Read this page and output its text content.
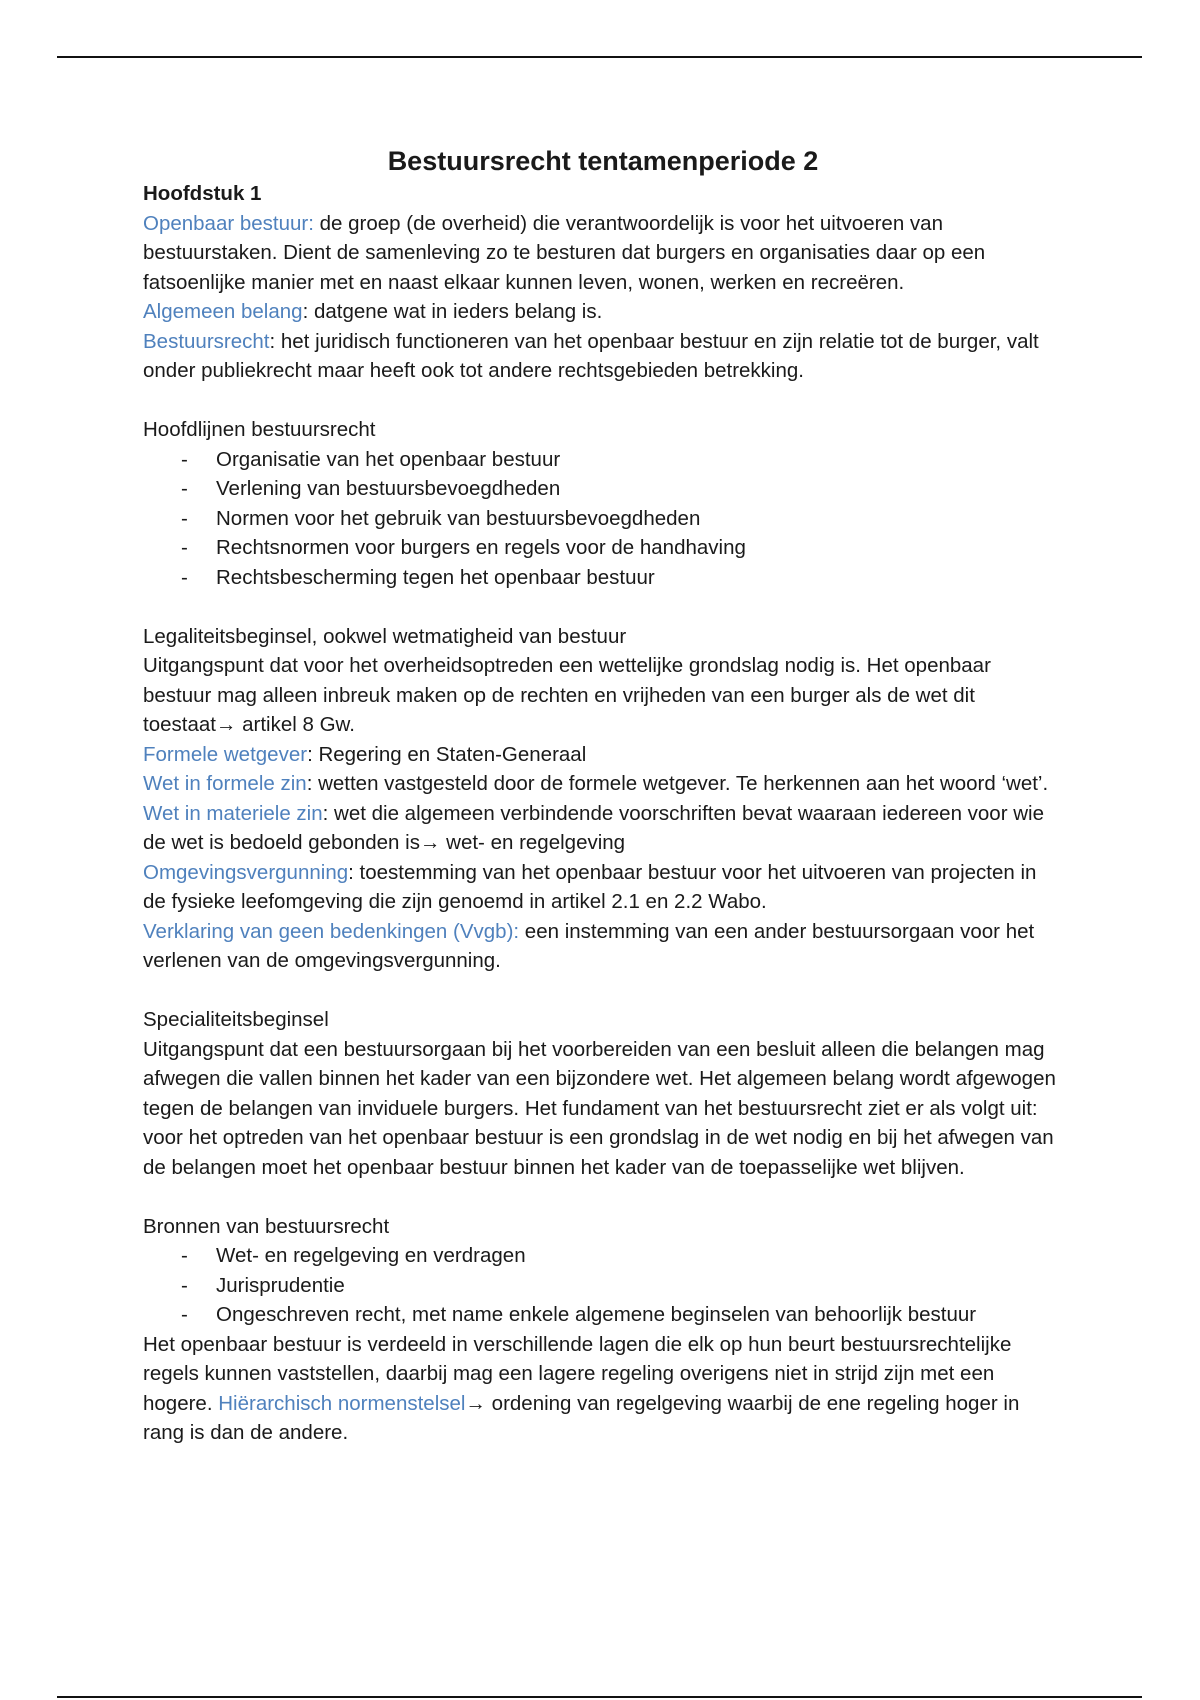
Bestuursrecht tentamenperiode 2

Hoofdstuk 1

Openbaar bestuur: de groep (de overheid) die verantwoordelijk is voor het uitvoeren van bestuurstaken. Dient de samenleving zo te besturen dat burgers en organisaties daar op een fatsoenlijke manier met en naast elkaar kunnen leven, wonen, werken en recreëren.

Algemeen belang: datgene wat in ieders belang is.

Bestuursrecht: het juridisch functioneren van het openbaar bestuur en zijn relatie tot de burger, valt onder publiekrecht maar heeft ook tot andere rechtsgebieden betrekking.

Hoofdlijnen bestuursrecht

- Organisatie van het openbaar bestuur
- Verlening van bestuursbevoegdheden
- Normen voor het gebruik van bestuursbevoegdheden
- Rechtsnormen voor burgers en regels voor de handhaving
- Rechtsbescherming tegen het openbaar bestuur

Legaliteitsbeginsel, ookwel wetmatigheid van bestuur

Uitgangspunt dat voor het overheidsoptreden een wettelijke grondslag nodig is. Het openbaar bestuur mag alleen inbreuk maken op de rechten en vrijheden van een burger als de wet dit toestaat→ artikel 8 Gw.

Formele wetgever: Regering en Staten-Generaal

Wet in formele zin: wetten vastgesteld door de formele wetgever. Te herkennen aan het woord ‘wet’.

Wet in materiele zin: wet die algemeen verbindende voorschriften bevat waaraan iedereen voor wie de wet is bedoeld gebonden is→ wet- en regelgeving

Omgevingsvergunning: toestemming van het openbaar bestuur voor het uitvoeren van projecten in de fysieke leefomgeving die zijn genoemd in artikel 2.1 en 2.2 Wabo.

Verklaring van geen bedenkingen (Vvgb): een instemming van een ander bestuursorgaan voor het verlenen van de omgevingsvergunning.

Specialiteitsbeginsel

Uitgangspunt dat een bestuursorgaan bij het voorbereiden van een besluit alleen die belangen mag afwegen die vallen binnen het kader van een bijzondere wet. Het algemeen belang wordt afgewogen tegen de belangen van inviduele burgers. Het fundament van het bestuursrecht ziet er als volgt uit: voor het optreden van het openbaar bestuur is een grondslag in de wet nodig en bij het afwegen van de belangen moet het openbaar bestuur binnen het kader van de toepasselijke wet blijven.

Bronnen van bestuursrecht

- Wet- en regelgeving en verdragen
- Jurisprudentie
- Ongeschreven recht, met name enkele algemene beginselen van behoorlijk bestuur

Het openbaar bestuur is verdeeld in verschillende lagen die elk op hun beurt bestuursrechtelijke regels kunnen vaststellen, daarbij mag een lagere regeling overigens niet in strijd zijn met een hogere. Hiërarchisch normenstelsel→ ordening van regelgeving waarbij de ene regeling hoger in rang is dan de andere.
